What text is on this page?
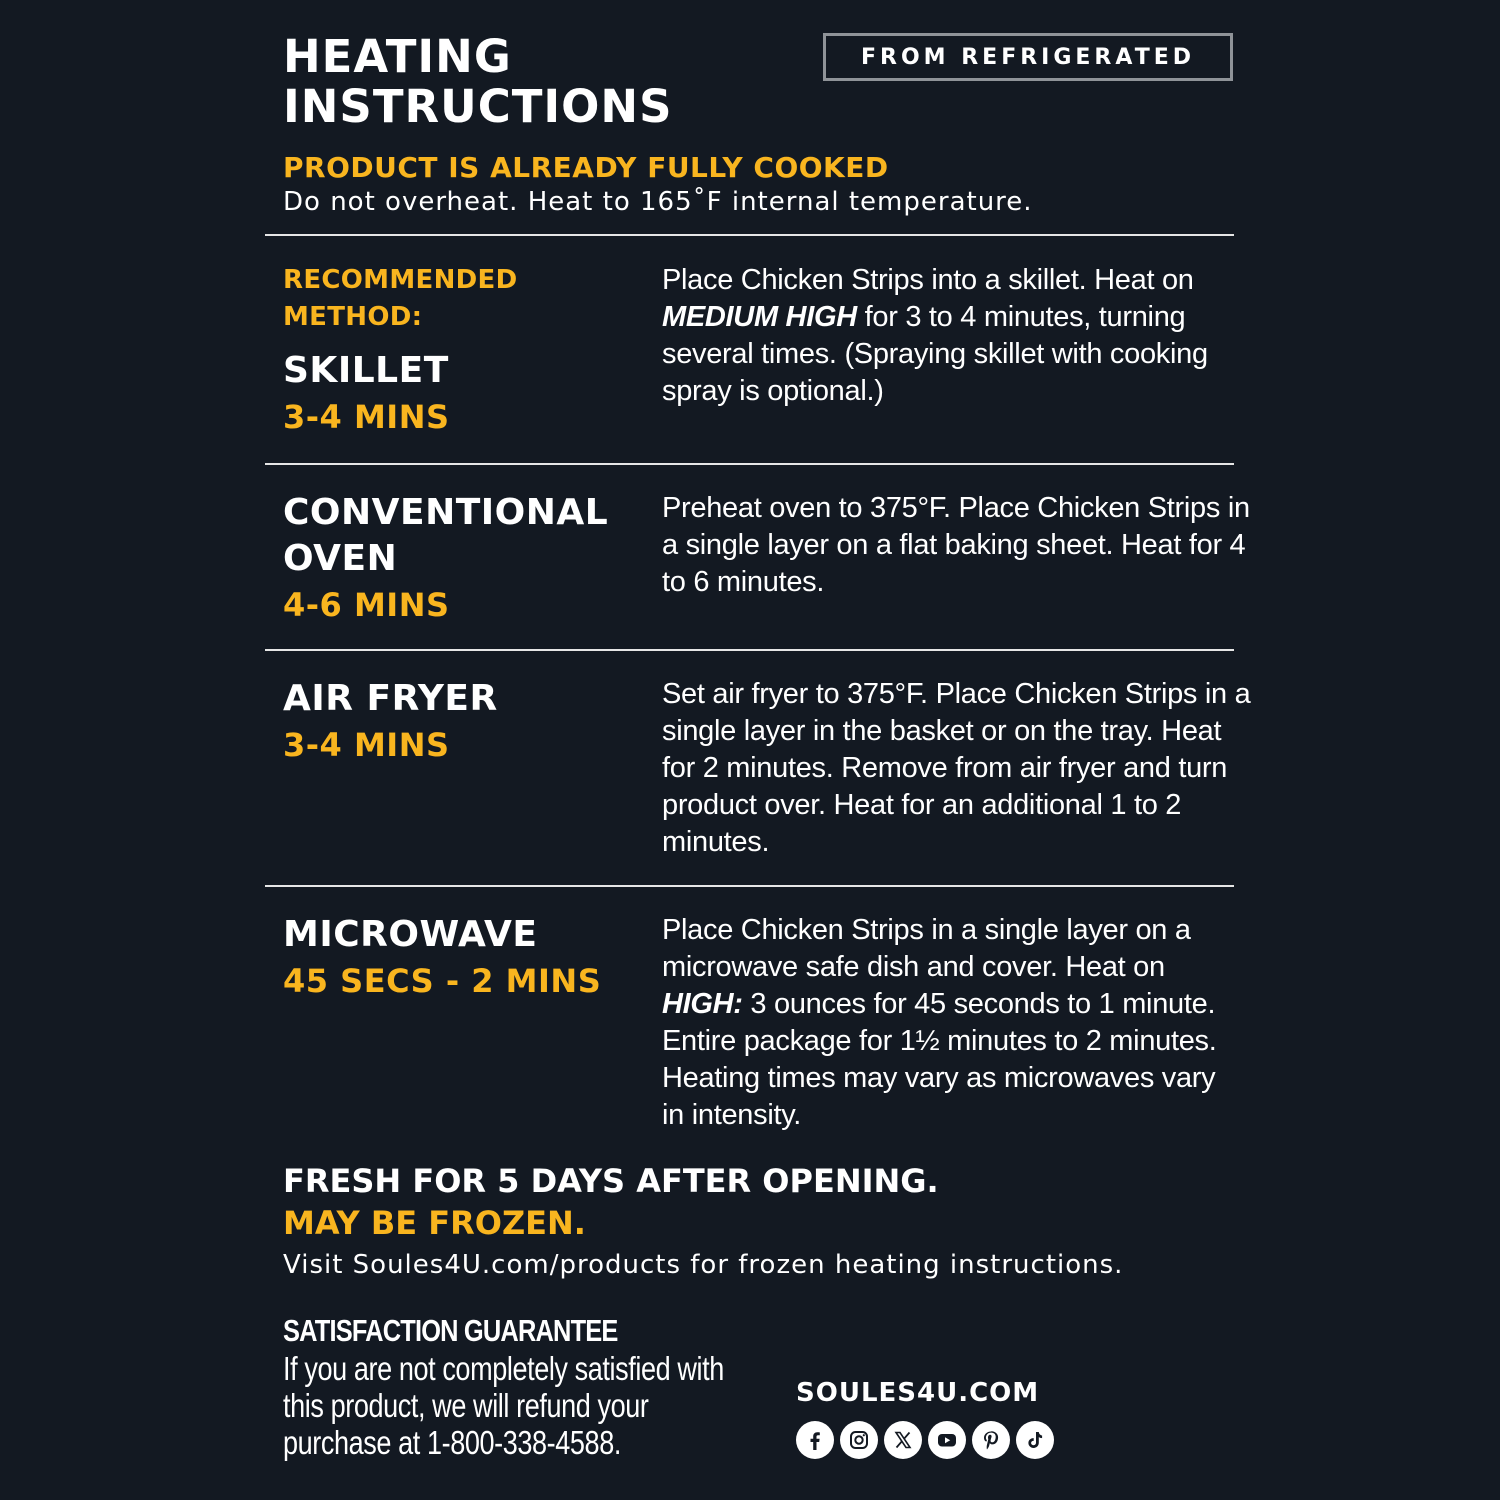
HEATING
INSTRUCTIONS
FROM REFRIGERATED
PRODUCT IS ALREADY FULLY COOKED
Do not overheat. Heat to 165˚F internal temperature.
RECOMMENDED
METHOD:
SKILLET
3-4 MINS
Place Chicken Strips into a skillet. Heat on MEDIUM HIGH for 3 to 4 minutes, turning several times. (Spraying skillet with cooking spray is optional.)
CONVENTIONAL
OVEN
4-6 MINS
Preheat oven to 375°F. Place Chicken Strips in a single layer on a flat baking sheet. Heat for 4 to 6 minutes.
AIR FRYER
3-4 MINS
Set air fryer to 375°F. Place Chicken Strips in a single layer in the basket or on the tray. Heat for 2 minutes. Remove from air fryer and turn product over. Heat for an additional 1 to 2 minutes.
MICROWAVE
45 SECS - 2 MINS
Place Chicken Strips in a single layer on a microwave safe dish and cover. Heat on HIGH: 3 ounces for 45 seconds to 1 minute. Entire package for 1½ minutes to 2 minutes. Heating times may vary as microwaves vary in intensity.
FRESH FOR 5 DAYS AFTER OPENING.
MAY BE FROZEN.
Visit Soules4U.com/products for frozen heating instructions.
SATISFACTION GUARANTEE
If you are not completely satisfied with this product, we will refund your purchase at 1-800-338-4588.
SOULES4U.COM
